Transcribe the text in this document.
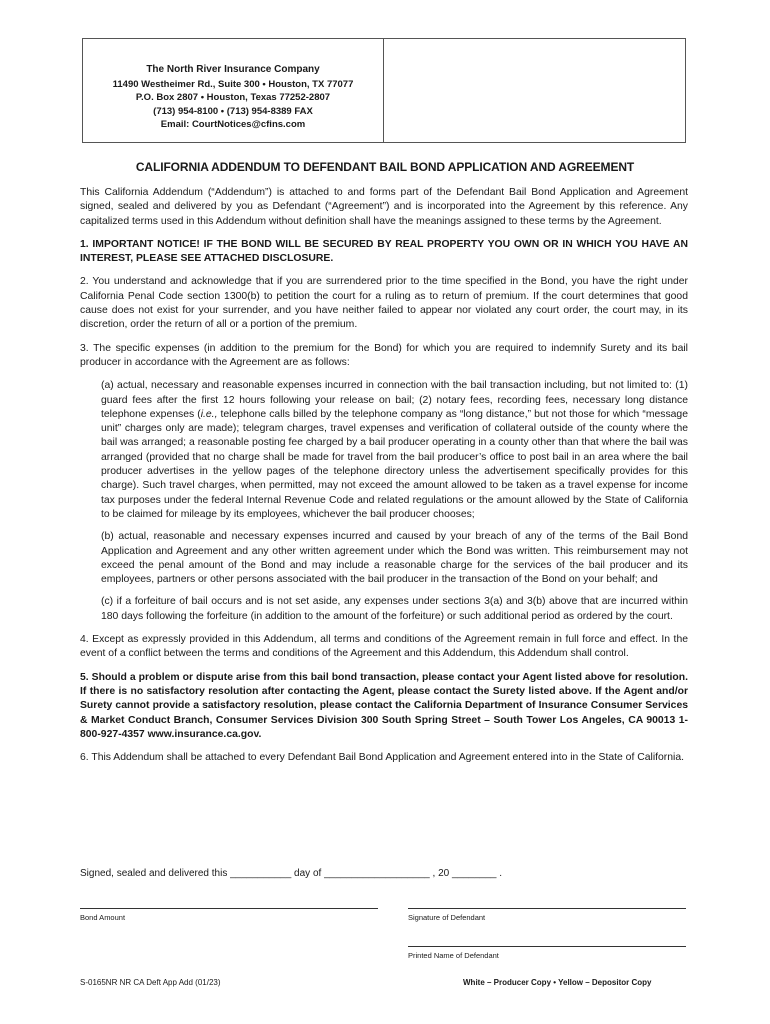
The North River Insurance Company
11490 Westheimer Rd., Suite 300 • Houston, TX 77077
P.O. Box 2807 • Houston, Texas 77252-2807
(713) 954-8100 • (713) 954-8389 FAX
Email: CourtNotices@cfins.com
CALIFORNIA ADDENDUM TO DEFENDANT BAIL BOND APPLICATION AND AGREEMENT

This California Addendum (“Addendum”) is attached to and forms part of the Defendant Bail Bond Application and Agreement signed, sealed and delivered by you as Defendant (“Agreement”) and is incorporated into the Agreement by this reference. Any capitalized terms used in this Addendum without definition shall have the meanings assigned to these terms by the Agreement.

1. IMPORTANT NOTICE! IF THE BOND WILL BE SECURED BY REAL PROPERTY YOU OWN OR IN WHICH YOU HAVE AN INTEREST, PLEASE SEE ATTACHED DISCLOSURE.

2. You understand and acknowledge that if you are surrendered prior to the time specified in the Bond, you have the right under California Penal Code section 1300(b) to petition the court for a ruling as to return of premium. If the court determines that good cause does not exist for your surrender, and you have neither failed to appear nor violated any court order, the court may, in its discretion, order the return of all or a portion of the premium.

3. The specific expenses (in addition to the premium for the Bond) for which you are required to indemnify Surety and its bail producer in accordance with the Agreement are as follows:

(a) actual, necessary and reasonable expenses incurred in connection with the bail transaction including, but not limited to: (1) guard fees after the first 12 hours following your release on bail; (2) notary fees, recording fees, necessary long distance telephone expenses (i.e., telephone calls billed by the telephone company as “long distance,” but not those for which “message unit” charges only are made); telegram charges, travel expenses and verification of collateral outside of the county where the bail was arranged; a reasonable posting fee charged by a bail producer operating in a county other than that where the bail was arranged (provided that no charge shall be made for travel from the bail producer’s office to post bail in an area where the bail producer advertises in the yellow pages of the telephone directory unless the advertisement specifically provides for this charge). Such travel charges, when permitted, may not exceed the amount allowed to be taken as a travel expense for income tax purposes under the federal Internal Revenue Code and related regulations or the amount allowed by the State of California to be claimed for mileage by its employees, whichever the bail producer chooses;

(b) actual, reasonable and necessary expenses incurred and caused by your breach of any of the terms of the Bail Bond Application and Agreement and any other written agreement under which the Bond was written. This reimbursement may not exceed the penal amount of the Bond and may include a reasonable charge for the services of the bail producer and its employees, partners or other persons associated with the bail producer in the transaction of the Bond on your behalf; and

(c) if a forfeiture of bail occurs and is not set aside, any expenses under sections 3(a) and 3(b) above that are incurred within 180 days following the forfeiture (in addition to the amount of the forfeiture) or such additional period as ordered by the court.

4. Except as expressly provided in this Addendum, all terms and conditions of the Agreement remain in full force and effect. In the event of a conflict between the terms and conditions of the Agreement and this Addendum, this Addendum shall control.

5. Should a problem or dispute arise from this bail bond transaction, please contact your Agent listed above for resolution. If there is no satisfactory resolution after contacting the Agent, please contact the Surety listed above. If the Agent and/or Surety cannot provide a satisfactory resolution, please contact the California Department of Insurance Consumer Services & Market Conduct Branch, Consumer Services Division 300 South Spring Street – South Tower Los Angeles, CA 90013 1-800-927-4357 www.insurance.ca.gov.

6. This Addendum shall be attached to every Defendant Bail Bond Application and Agreement entered into in the State of California.

Signed, sealed and delivered this ___________ day of ___________________ , 20 ________ .
Bond Amount	Signature of Defendant
Printed Name of Defendant
S-0165NR NR CA Deft App Add (01/23)	White – Producer Copy • Yellow – Depositor Copy
